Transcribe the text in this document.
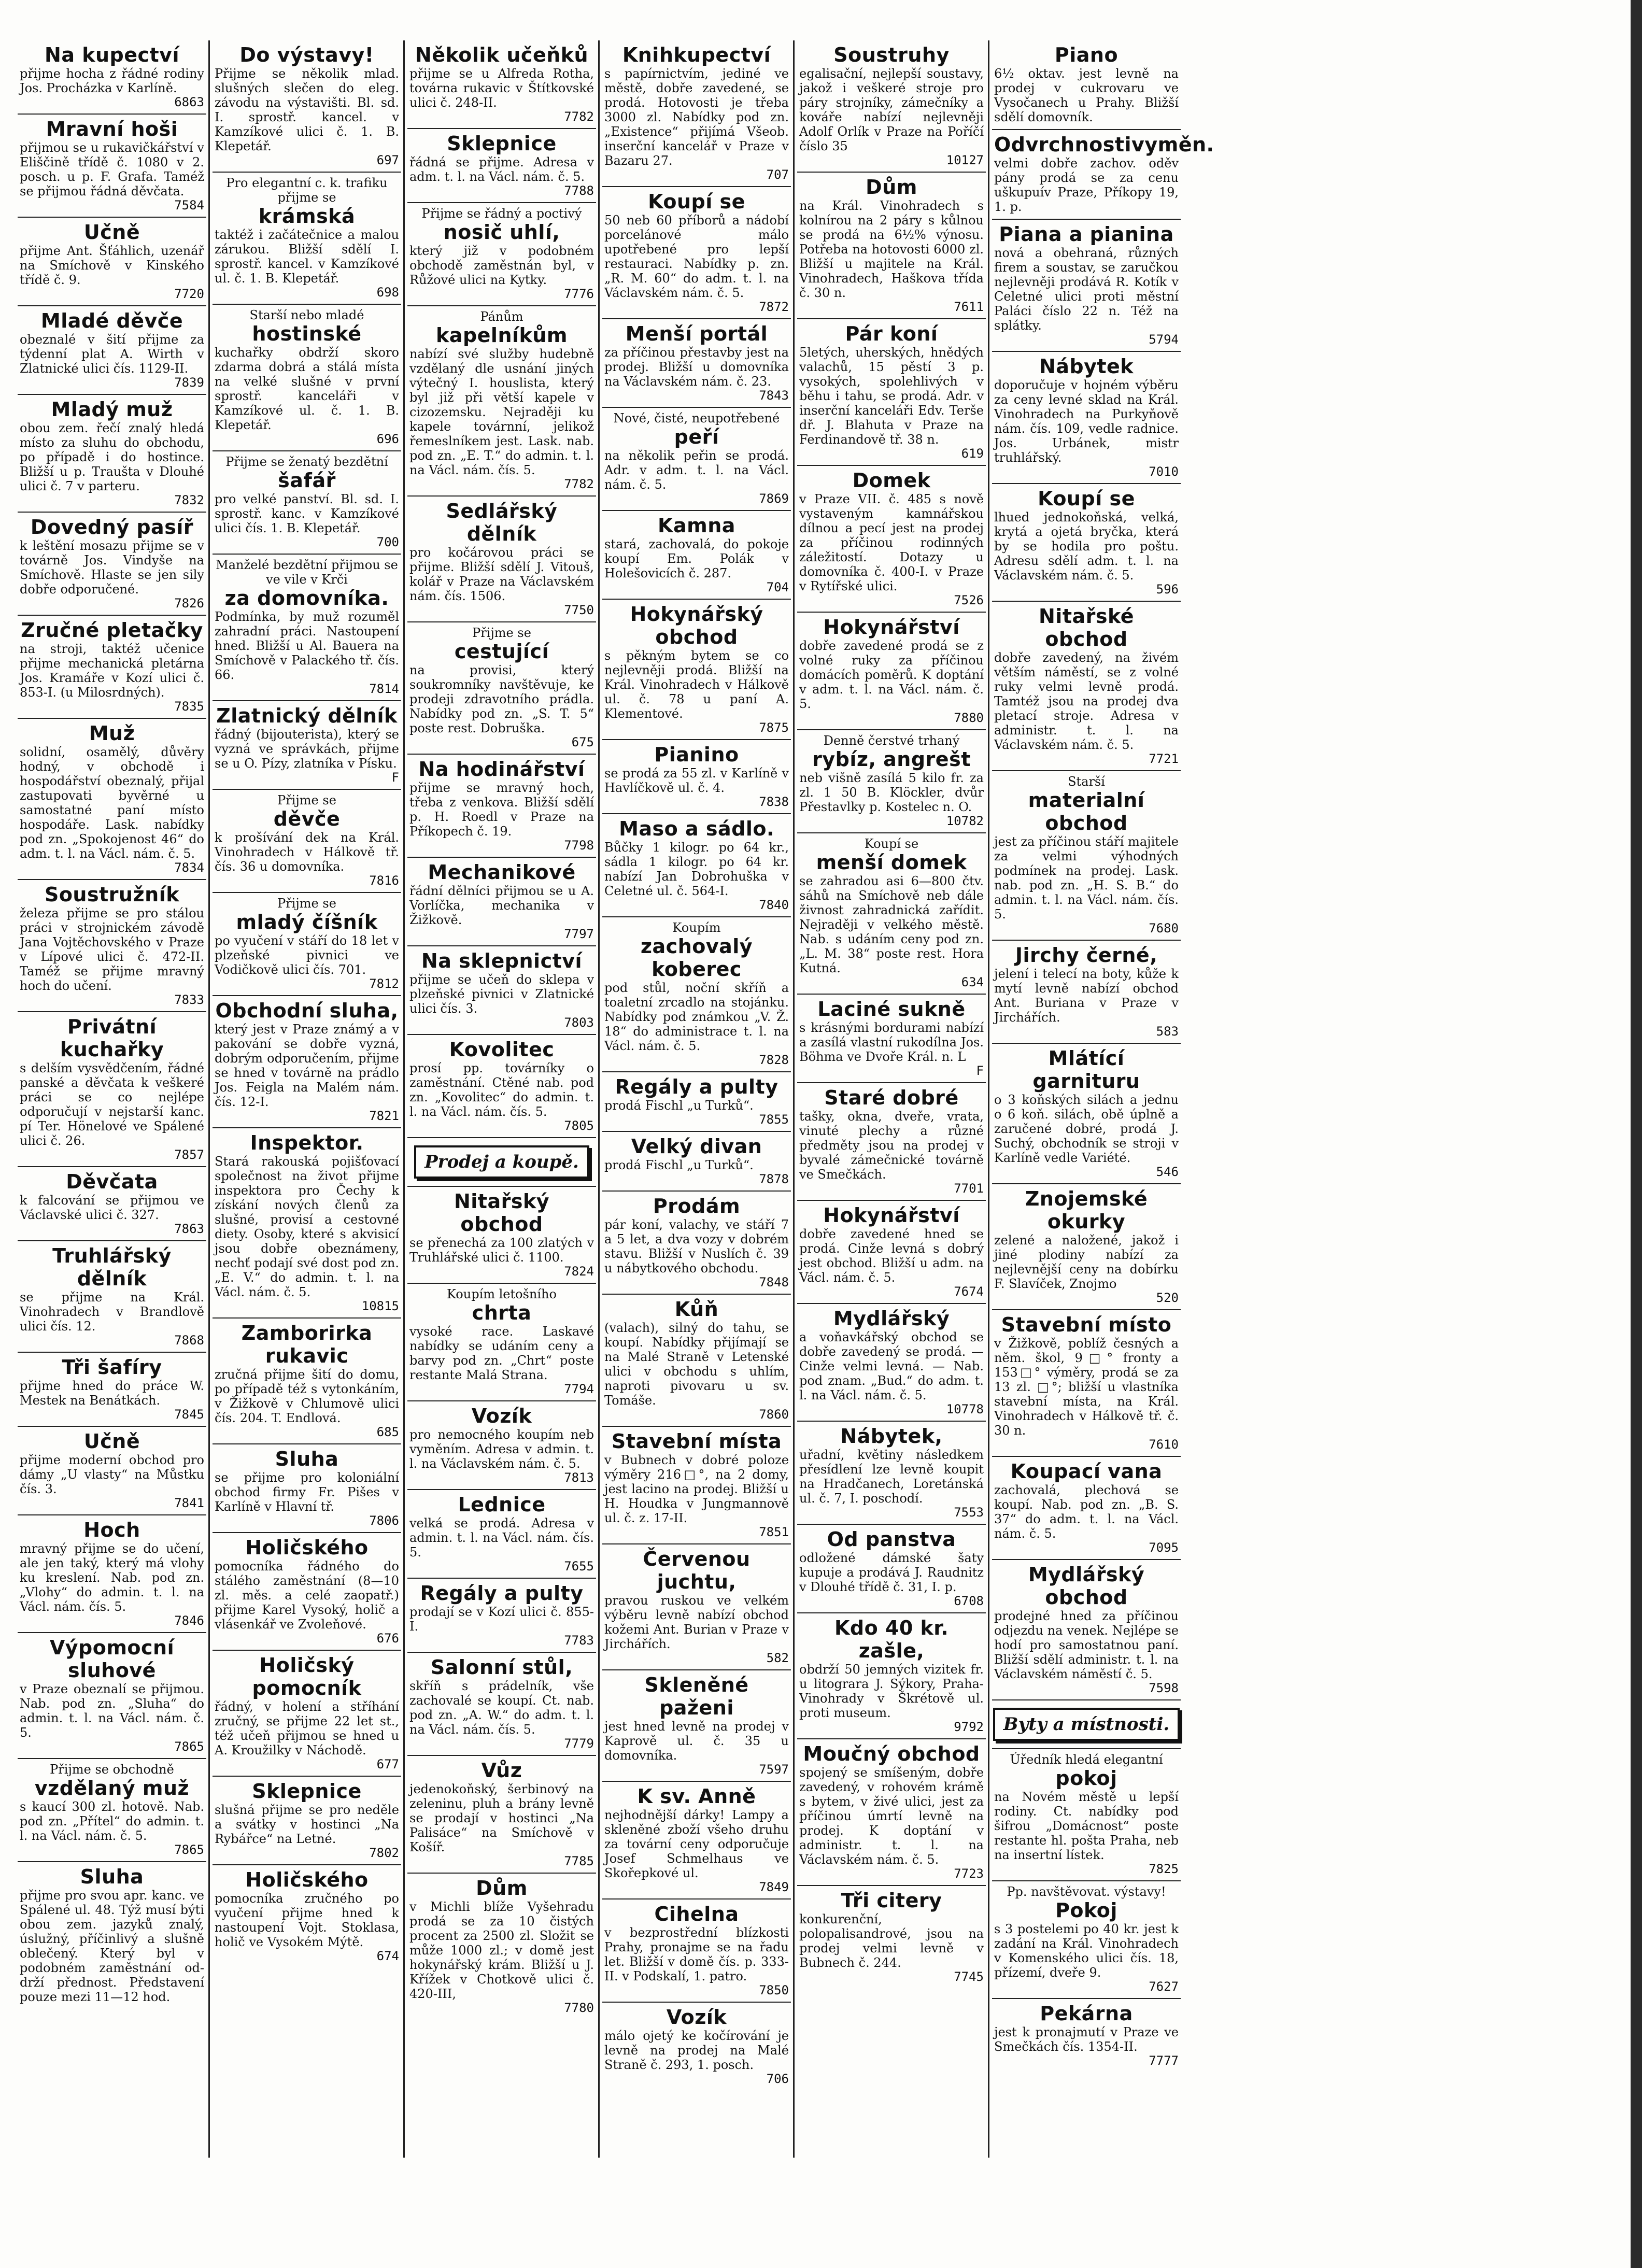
Na kupectví
přijme hocha z řádné rodiny Jos. Procházka v Karlíně.
6863
Mravní hoši
přijmou se u rukavičkářství v Eliščině třídě č. 1080 v 2. posch. u p. F. Grafa. Taméž se přijmou řádná děvčata.
7584
Učně
přijme Ant. Šťáhlich, uzenář na Smíchově v Kinského třídě č. 9.
7720
Mladé děvče
obeznalé v šití přijme za týdenní plat A. Wirth v Zlatnické ulici čís. 1129-II.
7839
Mladý muž
obou zem. řečí znalý hledá místo za sluhu do obchodu, po případě i do hostince. Bližší u p. Traušta v Dlouhé ulici č. 7 v parteru.
7832
Dovedný pasíř
k leštění mosazu přijme se v továrně Jos. Vindyše na Smíchově. Hlaste se jen sily dobře odporučené.
7826
Zručné pletačky
na stroji, taktéž učenice přijme mechanická pletárna Jos. Kramáře v Kozí ulici č. 853-I. (u Milosrdných).
7835
Muž
solidní, osamělý, důvěry hodný, v obchodě i hospodářství obeznalý, přijal zastupovati byvěrné u samostatné paní místo hospodáře. Lask. nabídky pod zn. „Spokojenost 46“ do adm. t. l. na Václ. nám. č. 5.
7834
Soustružník
železa přijme se pro stálou práci v strojnickém závodě Jana Vojtěchovského v Praze v Lípové ulici č. 472-II. Taméž se přijme mravný hoch do učení.
7833
Privátní kuchařky
s delším vysvědčením, řádné panské a děvčata k veškeré práci se co nejlépe odporučují v nejstarší kanc. pí Ter. Hönelové ve Spálené ulici č. 26.
7857
Děvčata
k falcování se přijmou ve Václavské ulici č. 327.
7863
Truhlářský dělník
se přijme na Král. Vinohradech v Brandlově ulici čís. 12.
7868
Tři šafíry
přijme hned do práce W. Mestek na Benátkách.
7845
Učně
přijme moderní obchod pro dámy „U vlasty“ na Můstku čís. 3.
7841
Hoch
mravný přijme se do učení, ale jen taký, který má vlohy ku kreslení. Nab. pod zn. „Vlohy“ do admin. t. l. na Václ. nám. čís. 5.
7846
Výpomocní sluhové
v Praze obeznalí se přijmou. Nab. pod zn. „Sluha“ do admin. t. l. na Václ. nám. č. 5.
7865
Přijme se obchodně
vzdělaný muž
s kaucí 300 zl. hotově. Nab. pod zn. „Přítel“ do admin. t. l. na Václ. nám. č. 5.
7865
Sluha
přijme pro svou apr. kanc. ve Spálené ul. 48. Týž musí býti obou zem. jazyků znalý, úslužný, příčinlivý a slušně oblečený. Který byl v podobném zaměstnání od- drží přednost. Představení pouze mezi 11—12 hod.
Do výstavy!
Přijme se několik mlad. slušných slečen do eleg. závodu na výstavišti. Bl. sd. I. sprostř. kancel. v Kamzíkové ulici č. 1. B. Klepetář.
697
Pro elegantní c. k. trafiku přijme se
krámská
taktéž i začátečnice a malou zárukou. Bližší sdělí I. sprostř. kancel. v Kamzíkové ul. č. 1. B. Klepetář.
698
Starší nebo mladé
hostinské
kuchařky obdrží skoro zdarma dobrá a stálá místa na velké slušné v první sprostř. kanceláři v Kamzíkové ul. č. 1. B. Klepetář.
696
Přijme se ženatý bezdětní
šafář
pro velké panství. Bl. sd. I. sprostř. kanc. v Kamzíkové ulici čís. 1. B. Klepetář.
700
Manželé bezdětní přijmou se ve vile v Krči
za domovníka.
Podmínka, by muž rozuměl zahradní práci. Nastoupení hned. Bližší u Al. Bauera na Smíchově v Palackého tř. čís. 66.
7814
Zlatnický dělník
řádný (bijouterista), který se vyzná ve správkách, přijme se u O. Pízy, zlatníka v Písku.
F
Přijme se
děvče
k prošívání dek na Král. Vinohradech v Hálkově tř. čís. 36 u domovníka.
7816
Přijme se
mladý číšník
po vyučení v stáří do 18 let v plzeňské pivnici ve Vodičkově ulici čís. 701.
7812
Obchodní sluha,
který jest v Praze známý a v pakování se dobře vyzná, dobrým odporučením, přijme se hned v továrně na prádlo Jos. Feigla na Malém nám. čís. 12-I.
7821
Inspektor.
Stará rakouská pojišťovací společnost na život přijme inspektora pro Čechy k získání nových členů za slušné, provisí a cestovné diety. Osoby, které s akvisicí jsou dobře obeznámeny, nechť podají své dost pod zn. „E. V.“ do admin. t. l. na Václ. nám. č. 5.
10815
Zamborirka rukavic
zručná přijme šití do domu, po případě též s vytonkáním, v Žižkově v Chlumově ulici čís. 204. T. Endlová.
685
Sluha
se přijme pro koloniální obchod firmy Fr. Pišes v Karlíně v Hlavní tř.
7806
Holičského
pomocníka řádného do stálého zaměstnání (8—10 zl. měs. a celé zaopatř.) přijme Karel Vysoký, holič a vlásenkář ve Zvoleňové.
676
Holičský pomocník
řádný, v holení a stříhání zručný, se přijme 22 let st., též učeň přijmou se hned u A. Kroužilky v Náchodě.
677
Sklepnice
slušná přijme se pro neděle a svátky v hostinci „Na Rybářce“ na Letné.
7802
Holičského
pomocníka zručného po vyučení přijme hned k nastoupení Vojt. Stoklasa, holič ve Vysokém Mýtě.
674
Několik učeňků
přijme se u Alfreda Rotha, továrna rukavic v Štítkovské ulici č. 248-II.
7782
Sklepnice
řádná se přijme. Adresa v adm. t. l. na Václ. nám. č. 5.
7788
Přijme se řádný a poctivý
nosič uhlí,
který již v podobném obchodě zaměstnán byl, v Růžové ulici na Kytky.
7776
Pánům
kapelníkům
nabízí své služby hudebně vzdělaný dle usnání jiných výtečný I. houslista, který byl již při větší kapele v cizozemsku. Nejraději ku kapele továrnní, jelikož řemeslníkem jest. Lask. nab. pod zn. „E. T.“ do admin. t. l. na Václ. nám. čís. 5.
7782
Sedlářský dělník
pro kočárovou práci se přijme. Bližší sdělí J. Vitouš, kolář v Praze na Václavském nám. čís. 1506.
7750
Přijme se
cestující
na provisi, který soukromníky navštěvuje, ke prodeji zdravotního prádla. Nabídky pod zn. „S. T. 5“ poste rest. Dobruška.
675
Na hodinářství
přijme se mravný hoch, třeba z venkova. Bližší sdělí p. H. Roedl v Praze na Příkopech č. 19.
7798
Mechanikové
řádní dělníci přijmou se u A. Vorlíčka, mechanika v Žižkově.
7797
Na sklepnictví
přijme se učeň do sklepa v plzeňské pivnici v Zlatnické ulici čís. 3.
7803
Kovolitec
prosí pp. továrníky o zaměstnání. Ctěné nab. pod zn. „Kovolitec“ do admin. t. l. na Václ. nám. čís. 5.
7805
Prodej a koupě.
Nitařský obchod
se přenechá za 100 zlatých v Truhlářské ulici č. 1100.
7824
Koupím letošního
chrta
vysoké race. Laskavé nabídky se udáním ceny a barvy pod zn. „Chrt“ poste restante Malá Strana.
7794
Vozík
pro nemocného koupím neb vyměním. Adresa v admin. t. l. na Václavském nám. č. 5.
7813
Lednice
velká se prodá. Adresa v admin. t. l. na Václ. nám. čís. 5.
7655
Regály a pulty
prodají se v Kozí ulici č. 855-I.
7783
Salonní stůl,
skříň s prádelník, vše zachovalé se koupí. Ct. nab. pod zn. „A. W.“ do adm. t. l. na Václ. nám. čís. 5.
7779
Vůz
jedenokoňský, šerbinový na zeleninu, pluh a brány levně se prodají v hostinci „Na Palisáce“ na Smíchově v Košíř.
7785
Dům
v Michli blíže Vyšehradu prodá se za 10 čistých procent za 2500 zl. Složit se může 1000 zl.; v domě jest hokynářský krám. Bližší u J. Křížek v Chotkově ulici č. 420-III,
7780
Knihkupectví
s papírnictvím, jediné ve městě, dobře zavedené, se prodá. Hotovosti je třeba 3000 zl. Nabídky pod zn. „Existence“ přijímá Všeob. inserční kancelář v Praze v Bazaru 27.
707
Koupí se
50 neb 60 příborů a nádobí porcelánové málo upotřebené pro lepší restauraci. Nabídky p. zn. „R. M. 60“ do adm. t. l. na Václavském nám. č. 5.
7872
Menší portál
za příčinou přestavby jest na prodej. Bližší u domovníka na Václavském nám. č. 23.
7843
Nové, čisté, neupotřebené
peří
na několik peřin se prodá. Adr. v adm. t. l. na Václ. nám. č. 5.
7869
Kamna
stará, zachovalá, do pokoje koupí Em. Polák v Holešovicích č. 287.
704
Hokynářský obchod
s pěkným bytem se co nejlevněji prodá. Bližší na Král. Vinohradech v Hálkově ul. č. 78 u paní A. Klementové.
7875
Pianino
se prodá za 55 zl. v Karlíně v Havlíčkově ul. č. 4.
7838
Maso a sádlo.
Bůčky 1 kilogr. po 64 kr., sádla 1 kilogr. po 64 kr. nabízí Jan Dobrohuška v Celetné ul. č. 564-I.
7840
Koupím
zachovalý koberec
pod stůl, noční skříň a toaletní zrcadlo na stojánku. Nabídky pod známkou „V. Ž. 18“ do administrace t. l. na Václ. nám. č. 5.
7828
Regály a pulty
prodá Fischl „u Turků“.
7855
Velký divan
prodá Fischl „u Turků“.
7878
Prodám
pár koní, valachy, ve stáří 7 a 5 let, a dva vozy v dobrém stavu. Bližší v Nuslích č. 39 u nábytkového obchodu.
7848
Kůň
(valach), silný do tahu, se koupí. Nabídky přijímají se na Malé Straně v Letenské ulici v obchodu s uhlím, naproti pivovaru u sv. Tomáše.
7860
Stavební místa
v Bubnech v dobré poloze výměry 216□°, na 2 domy, jest lacino na prodej. Bližší u H. Houdka v Jungmannově ul. č. z. 17-II.
7851
Červenou juchtu,
pravou ruskou ve velkém výběru levně nabízí obchod kožemi Ant. Burian v Praze v Jirchářích.
582
Skleněné paženi
jest hned levně na prodej v Kaprově ul. č. 35 u domovníka.
7597
K sv. Anně
nejhodnější dárky! Lampy a skleněné zboží všeho druhu za tovární ceny odporučuje Josef Schmelhaus ve Skořepkové ul.
7849
Cihelna
v bezprostřední blízkosti Prahy, pronajme se na řadu let. Bližší v domě čís. p. 333-II. v Podskalí, 1. patro.
7850
Vozík
málo ojetý ke kočírování je levně na prodej na Malé Straně č. 293, 1. posch.
706
Soustruhy
egalisační, nejlepší soustavy, jakož i veškeré stroje pro páry strojníky, zámečníky a kováře nabízí nejlevněji Adolf Orlík v Praze na Poříčí číslo 35
10127
Dům
na Král. Vinohradech s kolnírou na 2 páry s kůlnou se prodá na 6½% výnosu. Potřeba na hotovosti 6000 zl. Bližší u majitele na Král. Vinohradech, Haškova třída č. 30 n.
7611
Pár koní
5letých, uherských, hnědých valachů, 15 pěstí 3 p. vysokých, spolehlivých v běhu i tahu, se prodá. Adr. v inserční kanceláři Edv. Terše dř. J. Blahuta v Praze na Ferdinandově tř. 38 n.
619
Domek
v Praze VII. č. 485 s nově vystaveným kamnářskou dílnou a pecí jest na prodej za příčinou rodinných záležitostí. Dotazy u domovníka č. 400-I. v Praze v Rytířské ulici.
7526
Hokynářství
dobře zavedené prodá se z volné ruky za příčinou domácích poměrů. K doptání v adm. t. l. na Václ. nám. č. 5.
7880
Denně čerstvé trhaný
rybíz, angrešt
neb višně zasílá 5 kilo fr. za zl. 1 50 B. Klöckler, dvůr Přestavlky p. Kostelec n. O.
10782
Koupí se
menší domek
se zahradou asi 6—800 čtv. sáhů na Smíchově neb dále živnost zahradnická zařídit. Nejraději v velkého městě. Nab. s udáním ceny pod zn. „L. M. 38“ poste rest. Hora Kutná.
634
Laciné sukně
s krásnými bordurami nabízí a zasílá vlastní rukodílna Jos. Böhma ve Dvoře Král. n. L
F
Staré dobré
tašky, okna, dveře, vrata, vinuté plechy a různé předměty jsou na prodej v byvalé zámečnické továrně ve Smečkách.
7701
Hokynářství
dobře zavedené hned se prodá. Cinže levná s dobrý jest obchod. Bližší u adm. na Václ. nám. č. 5.
7674
Mydlářský
a voňavkářský obchod se dobře zavedený se prodá. — Cinže velmi levná. — Nab. pod znam. „Bud.“ do adm. t. l. na Václ. nám. č. 5.
10778
Nábytek,
uřadní, květiny následkem přesídlení lze levně koupit na Hradčanech, Loretánská ul. č. 7, I. poschodí.
7553
Od panstva
odložené dámské šaty kupuje a prodává J. Raudnitz v Dlouhé třídě č. 31, I. p.
6708
Kdo 40 kr. zašle,
obdrží 50 jemných vizitek fr. u litograra J. Sýkory, Praha-Vinohrady v Škrétově ul. proti museum.
9792
Moučný obchod
spojený se smíšeným, dobře zavedený, v rohovém krámě s bytem, v živé ulici, jest za příčinou úmrtí levně na prodej. K doptání v administr. t. l. na Václavském nám. č. 5.
7723
Tři citery
konkurenční, polopalisandrové, jsou na prodej velmi levně v Bubnech č. 244.
7745
Piano
6½ oktav. jest levně na prodej v cukrovaru ve Vysočanech u Prahy. Bližší sdělí domovník.
Odvrchnostivyměn.
velmi dobře zachov. oděv pány prodá se za cenu uškupuív Praze, Příkopy 19, 1. p.
Piana a pianina
nová a obehraná, různých firem a soustav, se zaručkou nejlevněji prodává R. Kotík v Celetné ulici proti městní Paláci číslo 22 n. Též na splátky.
5794
Nábytek
doporučuje v hojném výběru za ceny levné sklad na Král. Vinohradech na Purkyňově nám. čís. 109, vedle radnice. Jos. Urbánek, mistr truhlářský.
7010
Koupí se
lhued jednokoňská, velká, krytá a ojetá bryčka, která by se hodila pro poštu. Adresu sdělí adm. t. l. na Václavském nám. č. 5.
596
Nitařské obchod
dobře zavedený, na živém větším náměstí, se z volné ruky velmi levně prodá. Tamtéž jsou na prodej dva pletací stroje. Adresa v administr. t. l. na Václavském nám. č. 5.
7721
Starší
materialní obchod
jest za příčinou stáří majitele za velmi výhodných podmínek na prodej. Lask. nab. pod zn. „H. S. B.“ do admin. t. l. na Václ. nám. čís. 5.
7680
Jirchy černé,
jelení i telecí na boty, kůže k mytí levně nabízí obchod Ant. Buriana v Praze v Jirchářích.
583
Mlátící garnituru
o 3 koňských silách a jednu o 6 koň. silách, obě úplně a zaručené dobré, prodá J. Suchý, obchodník se stroji v Karlíně vedle Variété.
546
Znojemské okurky
zelené a naložené, jakož i jiné plodiny nabízí za nejlevnější ceny na dobírku F. Slavíček, Znojmo
520
Stavební místo
v Žižkově, poblíž česných a něm. škol, 9□° fronty a 153□° výměry, prodá se za 13 zl. □°; bližší u vlastníka stavební místa, na Král. Vinohradech v Hálkově tř. č. 30 n.
7610
Koupací vana
zachovalá, plechová se koupí. Nab. pod zn. „B. S. 37“ do adm. t. l. na Václ. nám. č. 5.
7095
Mydlářský obchod
prodejné hned za příčinou odjezdu na venek. Nejlépe se hodí pro samostatnou paní. Bližší sdělí administr. t. l. na Václavském náměstí č. 5.
7598
Byty a místnosti.
Úředník hledá elegantní
pokoj
na Novém městě u lepší rodiny. Ct. nabídky pod šifrou „Domácnost“ poste restante hl. pošta Praha, neb na insertní lístek.
7825
Pp. navštěvovat. výstavy!
Pokoj
s 3 postelemi po 40 kr. jest k zadání na Král. Vinohradech v Komenského ulici čís. 18, přízemí, dveře 9.
7627
Pekárna
jest k pronajmutí v Praze ve Smečkách čís. 1354-II.
7777
